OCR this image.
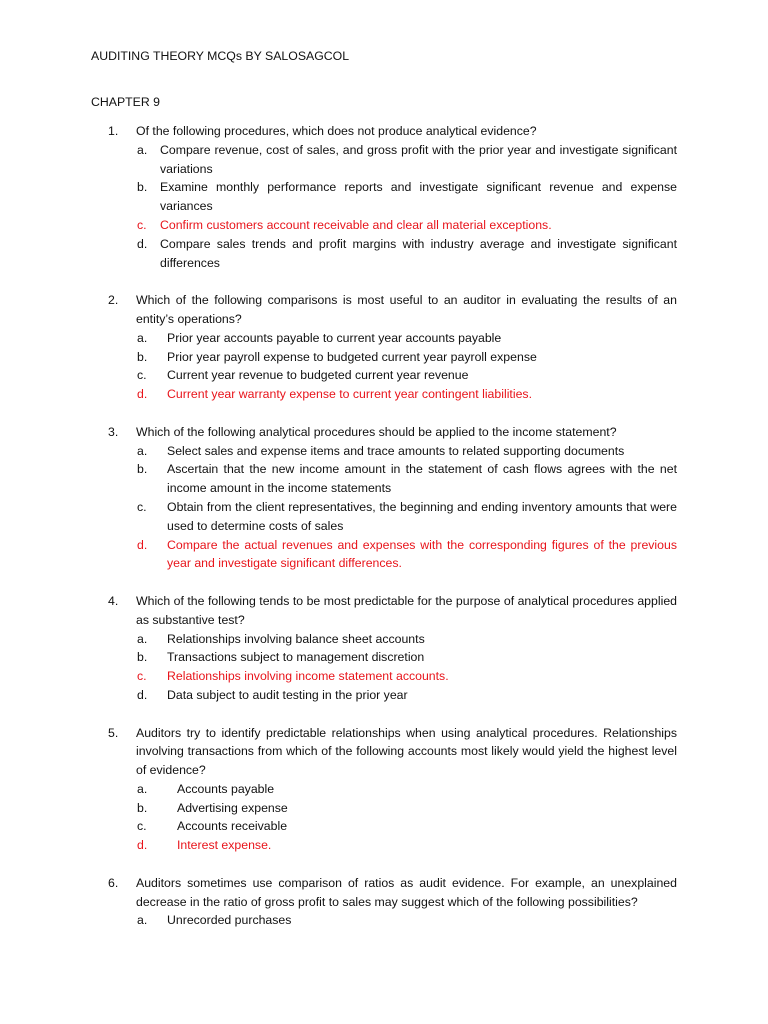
AUDITING THEORY MCQs BY SALOSAGCOL
CHAPTER 9
1.	Of the following procedures, which does not produce analytical evidence?
a.	Compare revenue, cost of sales, and gross profit with the prior year and investigate significant variations
b.	Examine monthly performance reports and investigate significant revenue and expense variances
c.	Confirm customers account receivable and clear all material exceptions.
d.	Compare sales trends and profit margins with industry average and investigate significant differences
2.	Which of the following comparisons is most useful to an auditor in evaluating the results of an entity’s operations?
a.	Prior year accounts payable to current year accounts payable
b.	Prior year payroll expense to budgeted current year payroll expense
c.	Current year revenue to budgeted current year revenue
d.	Current year warranty expense to current year contingent liabilities.
3.	Which of the following analytical procedures should be applied to the income statement?
a.	Select sales and expense items and trace amounts to related supporting documents
b.	Ascertain that the new income amount in the statement of cash flows agrees with the net income amount in the income statements
c.	Obtain from the client representatives, the beginning and ending inventory amounts that were used to determine costs of sales
d.	Compare the actual revenues and expenses with the corresponding figures of the previous year and investigate significant differences.
4.	Which of the following tends to be most predictable for the purpose of analytical procedures applied as substantive test?
a.	Relationships involving balance sheet accounts
b.	Transactions subject to management discretion
c.	Relationships involving income statement accounts.
d.	Data subject to audit testing in the prior year
5.	Auditors try to identify predictable relationships when using analytical procedures. Relationships involving transactions from which of the following accounts most likely would yield the highest level of evidence?
a.	Accounts payable
b.	Advertising expense
c.	Accounts receivable
d.	Interest expense.
6.	Auditors sometimes use comparison of ratios as audit evidence. For example, an unexplained decrease in the ratio of gross profit to sales may suggest which of the following possibilities?
a.	Unrecorded purchases
